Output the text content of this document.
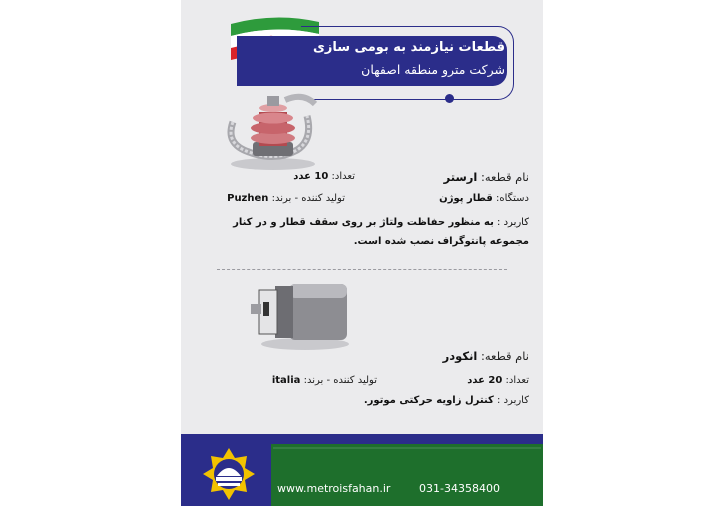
قطعات نیازمند به بومی سازی
شرکت مترو منطقه اصفهان
نام قطعه: ارستر
تعداد: 10 عدد
دستگاه: قطار پوژن
تولید کننده - برند: Puzhen
کاربرد : به منظور حفاظت ولتاژ بر روی سقف قطار و در کنار مجموعه پانتوگراف نصب شده است.
نام قطعه: انکودر
تعداد: 20 عدد
تولید کننده - برند: italia
کاربرد : کنترل زاویه حرکتی موتور.
www.metroisfahan.ir	031-34358400
